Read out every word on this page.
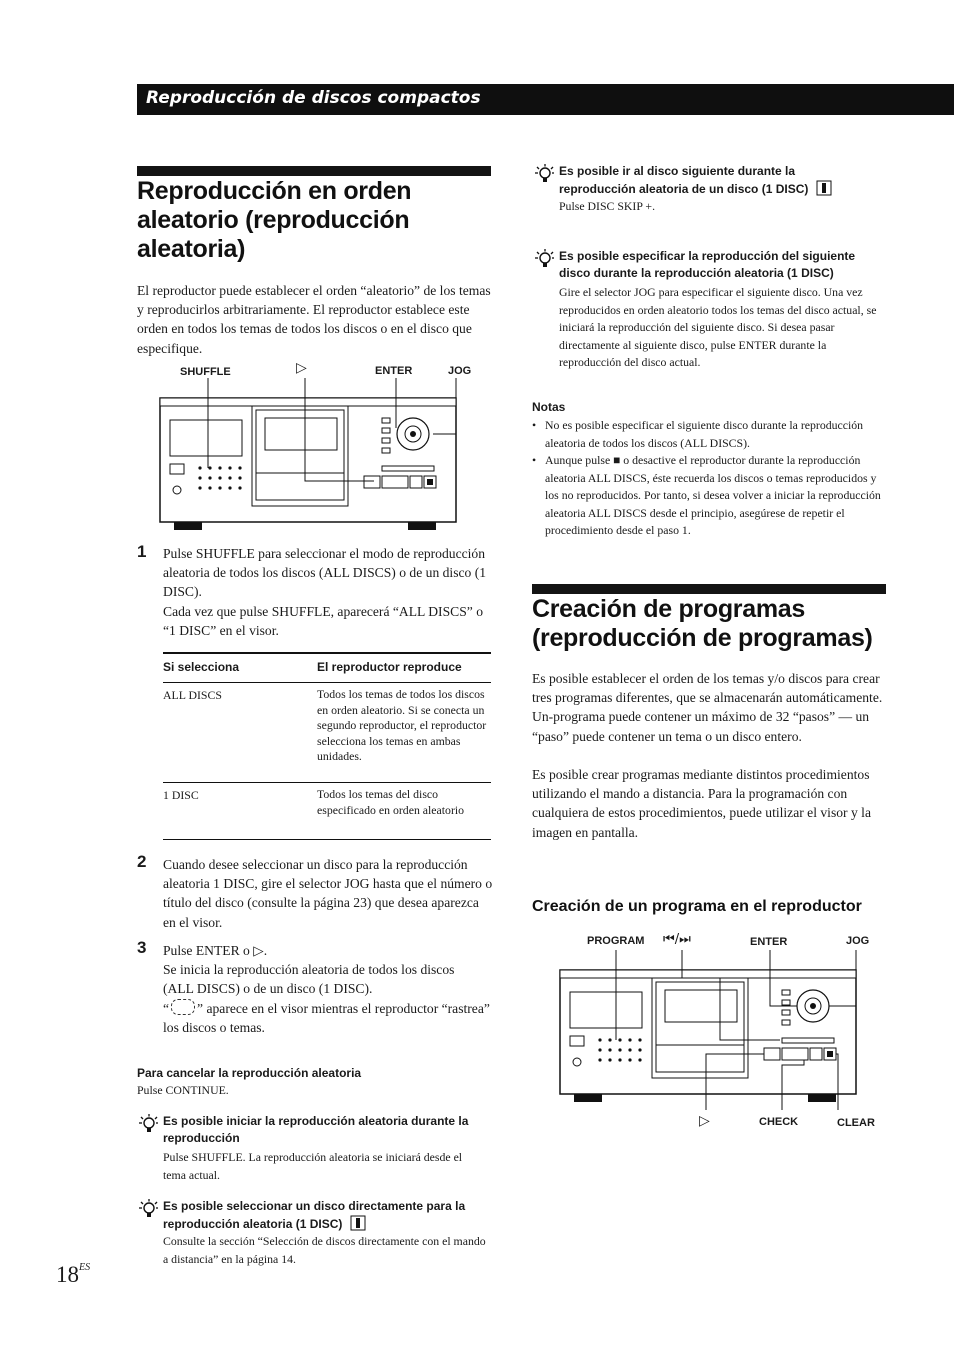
Reproducción de discos compactos
Reproducción en orden aleatorio (reproducción aleatoria)

El reproductor puede establecer el orden “aleatorio” de los temas y reproducirlos arbitrariamente. El reproductor establece este orden en todos los temas de todos los discos o en el disco que especifique.

SHUFFLE	▷	ENTER	JOG
1 Pulse SHUFFLE para seleccionar el modo de reproducción aleatoria de todos los discos (ALL DISCS) o de un disco (1 DISC).

Cada vez que pulse SHUFFLE, aparecerá “ALL DISCS” o “1 DISC” en el visor.

Si selecciona	El reproductor reproduce
ALL DISCS	Todos los temas de todos los discos en orden aleatorio. Si se conecta un segundo reproductor, el reproductor selecciona los temas en ambas unidades.
1 DISC	Todos los temas del disco especificado en orden aleatorio
2 Cuando desee seleccionar un disco para la reproducción aleatoria 1 DISC, gire el selector JOG hasta que el número o título del disco (consulte la página 23) que desea aparezca en el visor.

3 Pulse ENTER o ▷.

Se inicia la reproducción aleatoria de todos los discos (ALL DISCS) o de un disco (1 DISC).

“ ” aparece en el visor mientras el reproductor “rastrea” los discos o temas.

Para cancelar la reproducción aleatoria
Pulse CONTINUE.
Es posible iniciar la reproducción aleatoria durante la reproducción
Pulse SHUFFLE. La reproducción aleatoria se iniciará desde el tema actual.
Es posible seleccionar un disco directamente para la reproducción aleatoria (1 DISC)
Consulte la sección “Selección de discos directamente con el mando a distancia” en la página 14.
$18^{ES}$
Es posible ir al disco siguiente durante la reproducción aleatoria de un disco (1 DISC)
Pulse DISC SKIP +.
Es posible especificar la reproducción del siguiente disco durante la reproducción aleatoria (1 DISC)
Gire el selector JOG para especificar el siguiente disco. Una vez reproducidos en orden aleatorio todos los temas del disco actual, se iniciará la reproducción del siguiente disco. Si desea pasar directamente al siguiente disco, pulse ENTER durante la reproducción del disco actual.
Notas
• No es posible especificar el siguiente disco durante la reproducción aleatoria de todos los discos (ALL DISCS).
• Aunque pulse ■ o desactive el reproductor durante la reproducción aleatoria ALL DISCS, éste recuerda los discos o temas reproducidos y los no reproducidos. Por tanto, si desea volver a iniciar la reproducción aleatoria ALL DISCS desde el principio, asegúrese de repetir el procedimiento desde el paso 1.
Creación de programas (reproducción de programas)

Es posible establecer el orden de los temas y/o discos para crear tres programas diferentes, que se almacenarán automáticamente. Un-programa puede contener un máximo de 32 “pasos” — un “paso” puede contener un tema o un disco entero.

Es posible crear programas mediante distintos procedimientos utilizando el mando a distancia. Para la programación con cualquiera de estos procedimientos, puede utilizar el visor y la imagen en pantalla.

Creación de un programa en el reproductor
PROGRAM ⏮/⏭	ENTER	JOG
▷	CHECK	CLEAR
